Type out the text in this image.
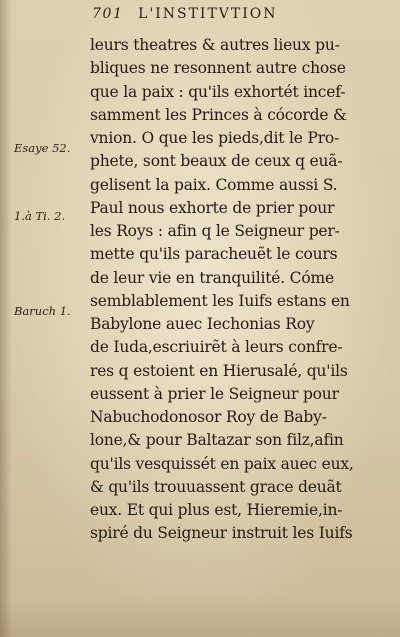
701 L'INSTITVTION
Esaye 52.
1.à Ti. 2.
Baruch 1.
leurs theatres & autres lieux pu-
bliques ne resonnent autre chose
que la paix : qu'ils exhortét incef-
samment les Princes à cócorde &
vnion. O que les pieds,dit le Pro-
phete, sont beaux de ceux q euã-
gelisent la paix. Comme aussi S.
Paul nous exhorte de prier pour
les Roys : afin q le Seigneur per-
mette qu'ils paracheuẽt le cours
de leur vie en tranquilité. Cóme
semblablement les Iuifs estans en
Babylone auec Iechonias Roy
de Iuda,escriuirẽt à leurs confre-
res q estoient en Hierusalé, qu'ils
eussent à prier le Seigneur pour
Nabuchodonosor Roy de Baby-
lone,& pour Baltazar son filz,afin
qu'ils vesquissét en paix auec eux,
& qu'ils trouuassent grace deuãt
eux. Et qui plus est, Hieremie,in-
spiré du Seigneur instruit les Iuifs
